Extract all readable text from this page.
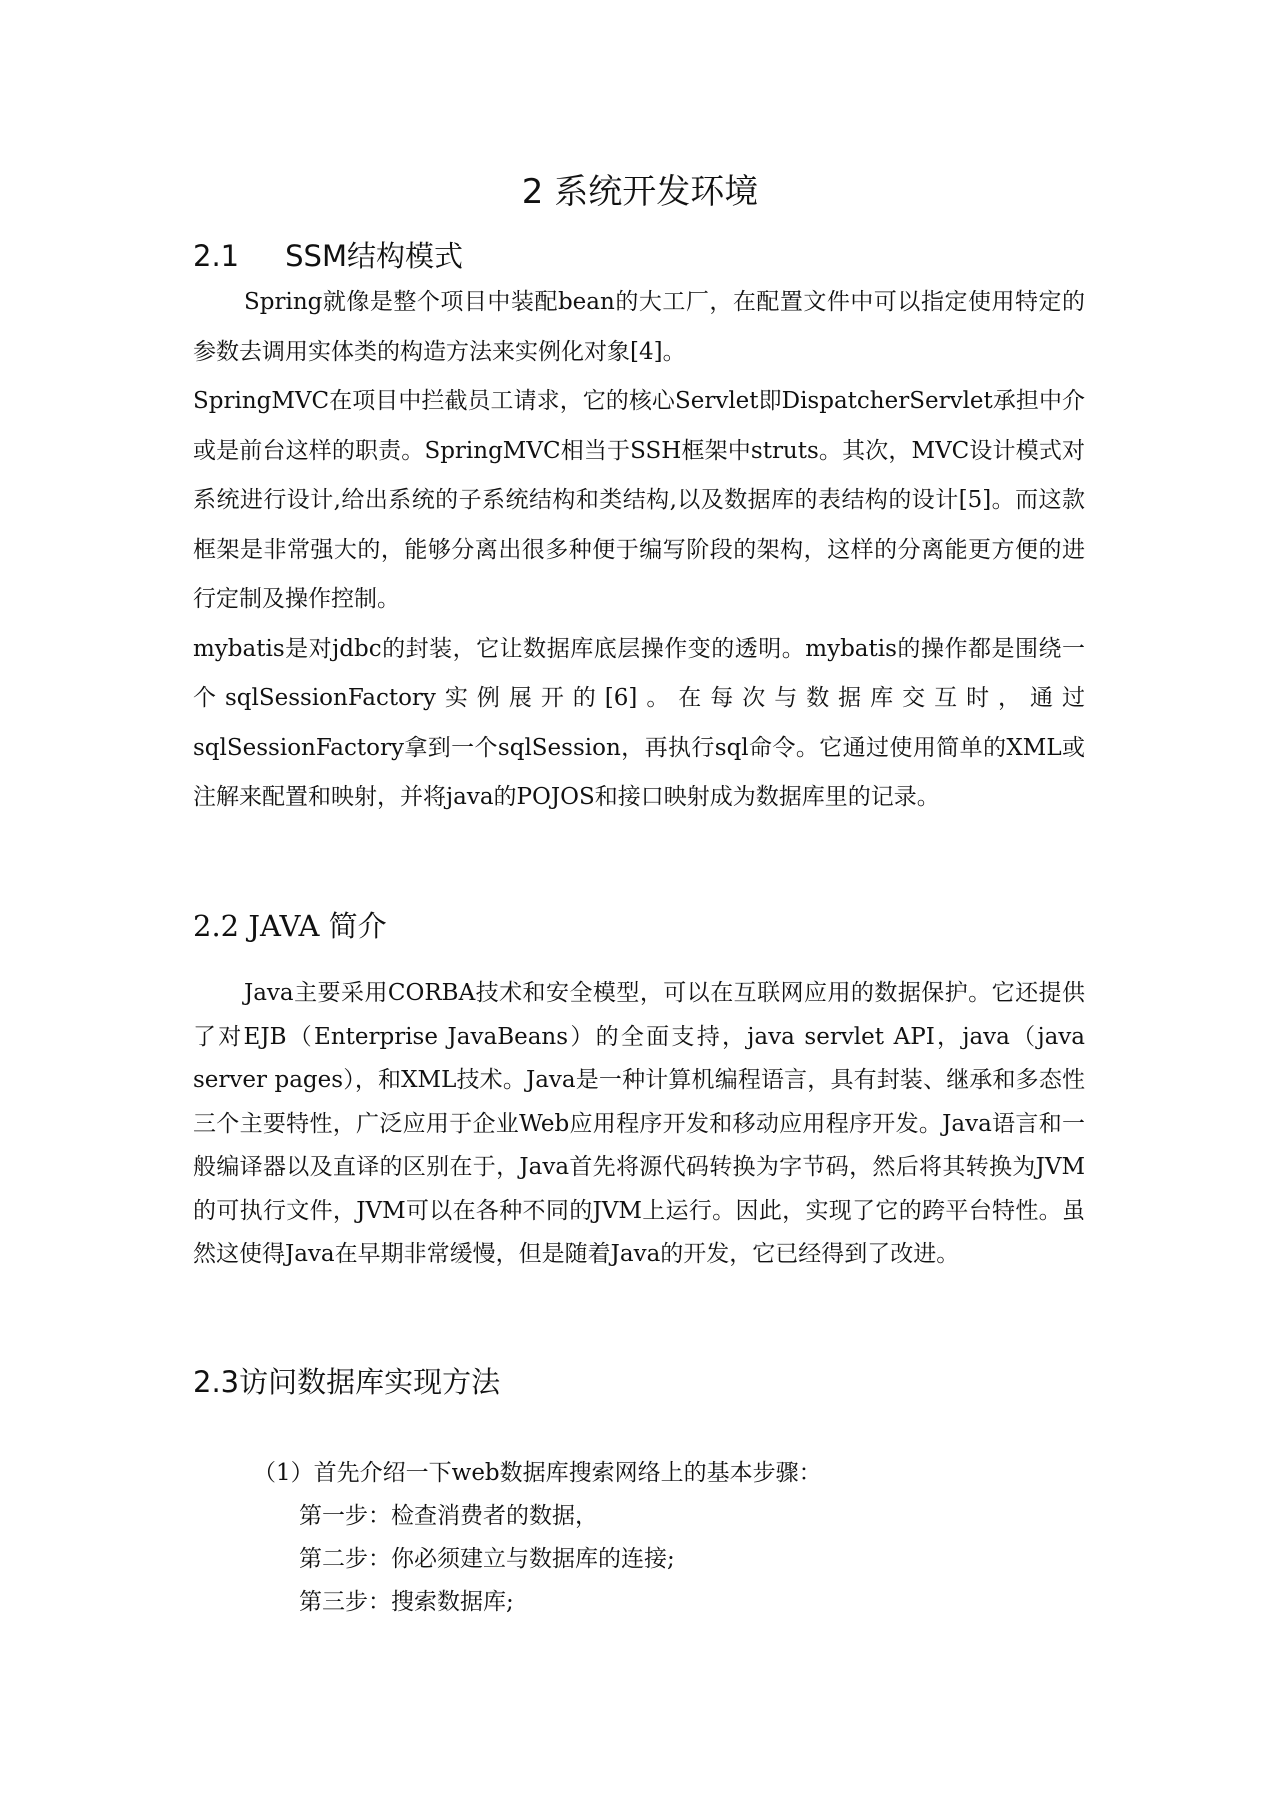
2 系统开发环境
2.1 SSM结构模式

Spring就像是整个项目中装配bean的大工厂，在配置文件中可以指定使用特定的参数去调用实体类的构造方法来实例化对象[4]。

SpringMVC在项目中拦截员工请求，它的核心Servlet即DispatcherServlet承担中介或是前台这样的职责。SpringMVC相当于SSH框架中struts。其次，MVC设计模式对系统进行设计,给出系统的子系统结构和类结构,以及数据库的表结构的设计[5]。而这款框架是非常强大的，能够分离出很多种便于编写阶段的架构，这样的分离能更方便的进行定制及操作控制。

mybatis是对jdbc的封装，它让数据库底层操作变的透明。mybatis的操作都是围绕一个sqlSessionFactory实例展开的[6]。在每次与数据库交互时，通过sqlSessionFactory拿到一个sqlSession，再执行sql命令。它通过使用简单的XML或注解来配置和映射，并将java的POJOS和接口映射成为数据库里的记录。

2.2 JAVA 简介

Java主要采用CORBA技术和安全模型，可以在互联网应用的数据保护。它还提供了对EJB（Enterprise JavaBeans）的全面支持，java servlet API，java（java server pages），和XML技术。Java是一种计算机编程语言，具有封装、继承和多态性三个主要特性，广泛应用于企业Web应用程序开发和移动应用程序开发。Java语言和一般编译器以及直译的区别在于，Java首先将源代码转换为字节码，然后将其转换为JVM的可执行文件，JVM可以在各种不同的JVM上运行。因此，实现了它的跨平台特性。虽然这使得Java在早期非常缓慢，但是随着Java的开发，它已经得到了改进。

2.3访问数据库实现方法

（1）首先介绍一下web数据库搜索网络上的基本步骤：

第一步：检查消费者的数据，

第二步：你必须建立与数据库的连接;

第三步：搜索数据库;
